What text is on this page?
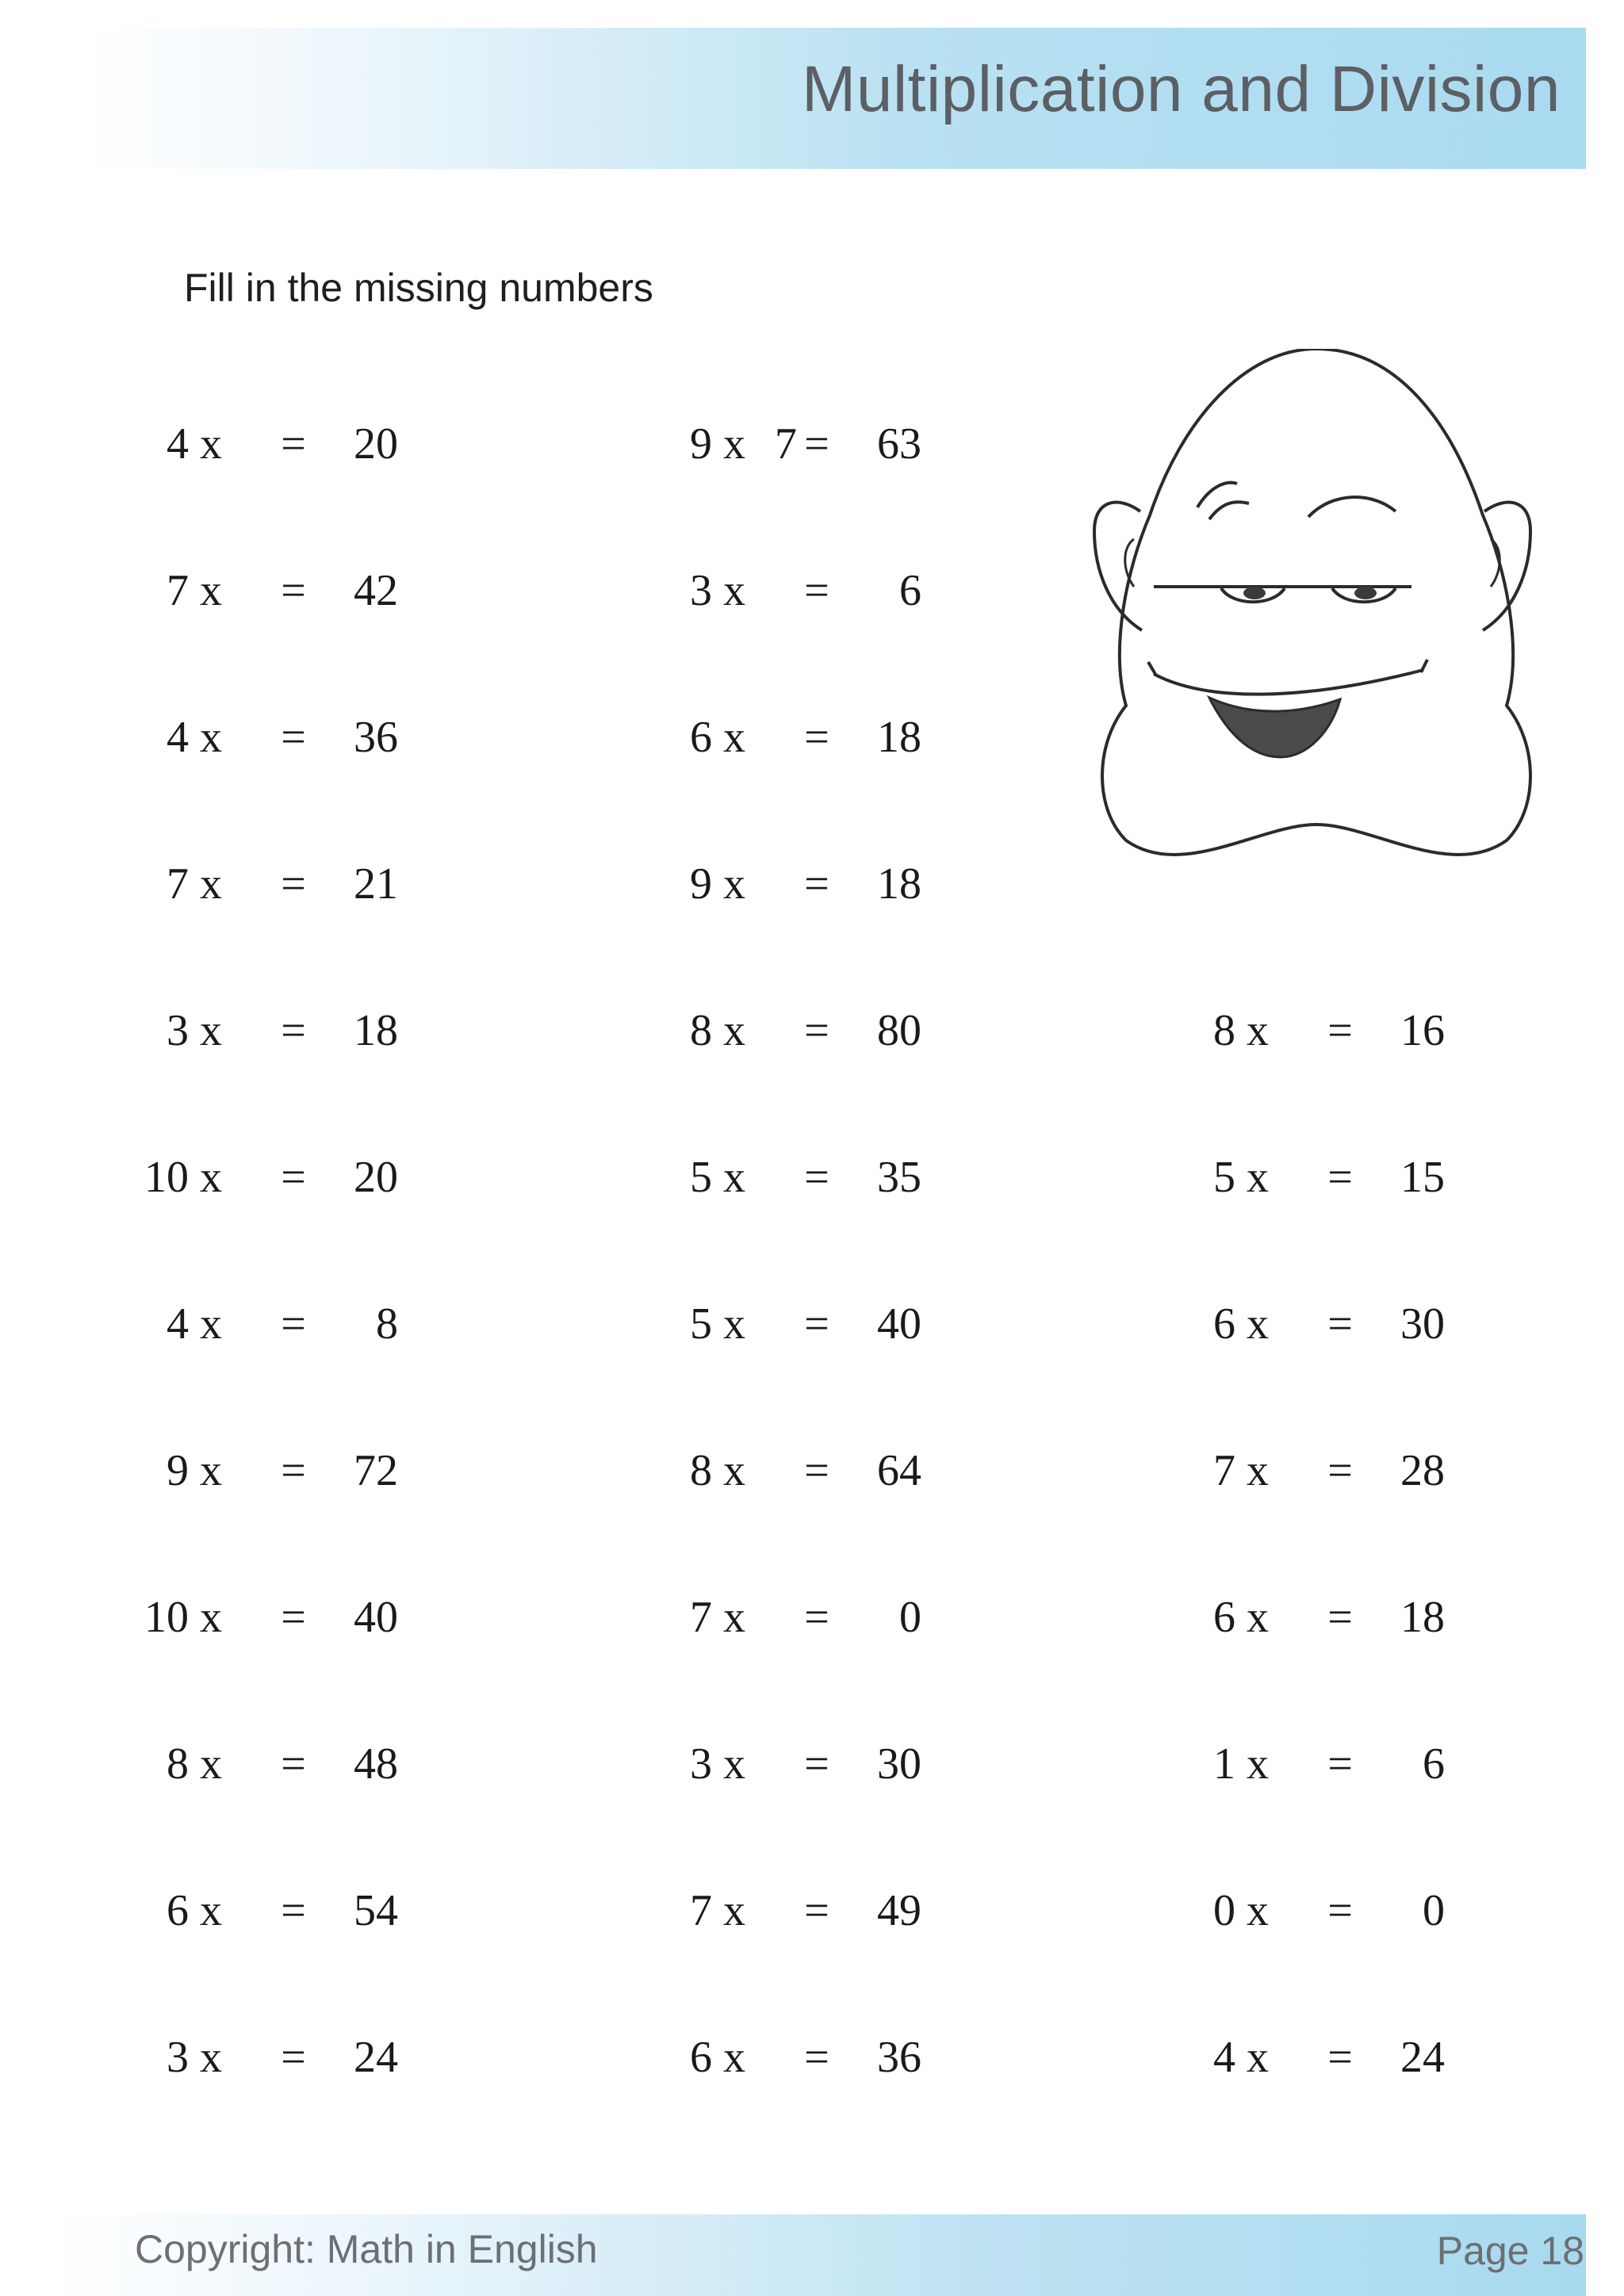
Multiplication and Division
Fill in the missing numbers
4 x =	20
7 x =	42
4 x =	36
7 x =	21
3 x =	18
10 x =	20
4 x =	8
9 x =	72
10 x =	40
8 x =	48
6 x =	54
3 x =	24
9 x 7 =	63
3 x =	6
6 x =	18
9 x =	18
8 x =	80
5 x =	35
5 x =	40
8 x =	64
7 x =	0
3 x =	30
7 x =	49
6 x =	36
8 x =	16
5 x =	15
6 x =	30
7 x =	28
6 x =	18
1 x =	6
0 x =	0
4 x =	24
Copyright: Math in English	Page 18
